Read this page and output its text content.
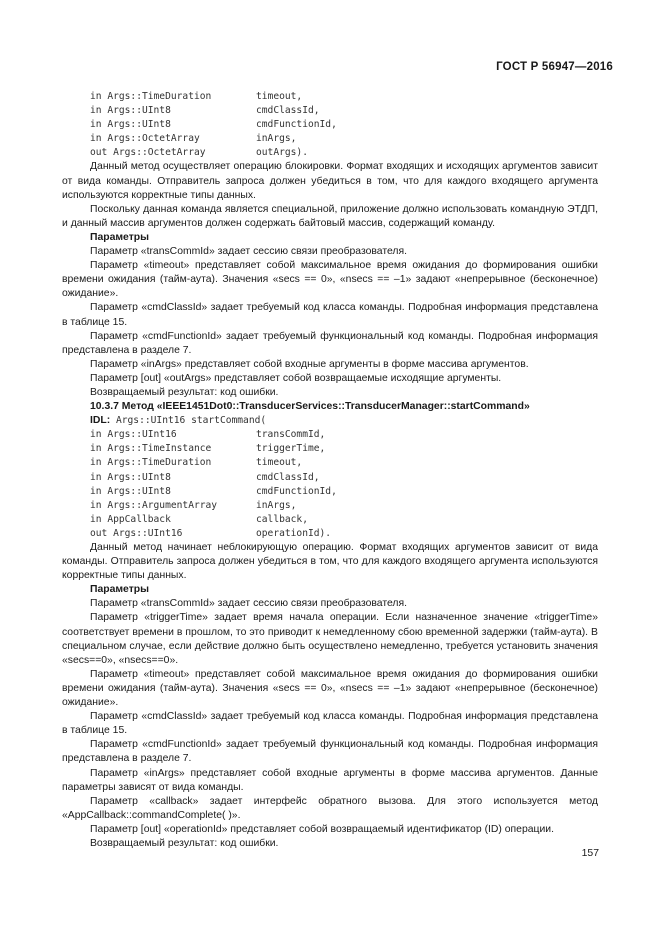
ГОСТ Р 56947—2016
in Args::TimeDuration	timeout,
in Args::UInt8	cmdClassId,
in Args::UInt8	cmdFunctionId,
in Args::OctetArray	inArgs,
out Args::OctetArray	outArgs).

Данный метод осуществляет операцию блокировки. Формат входящих и исходящих аргументов зависит от вида команды. Отправитель запроса должен убедиться в том, что для каждого входящего аргумента используются корректные типы данных.

Поскольку данная команда является специальной, приложение должно использовать командную ЭТДП, и данный массив аргументов должен содержать байтовый массив, содержащий команду.

Параметры

Параметр «transCommId» задает сессию связи преобразователя.

Параметр «timeout» представляет собой максимальное время ожидания до формирования ошибки времени ожидания (тайм-аута). Значения «secs == 0», «nsecs == –1» задают «непрерывное (бесконечное) ожидание».

Параметр «cmdClassId» задает требуемый код класса команды. Подробная информация представлена в таблице 15.

Параметр «cmdFunctionId» задает требуемый функциональный код команды. Подробная информация представлена в разделе 7.

Параметр «inArgs» представляет собой входные аргументы в форме массива аргументов.

Параметр [out] «outArgs» представляет собой возвращаемые исходящие аргументы.

Возвращаемый результат: код ошибки.

10.3.7 Метод «IEEE1451Dot0::TransducerServices::TransducerManager::startCommand»

IDL: Args::UInt16 startCommand(
in Args::UInt16	transCommId,
in Args::TimeInstance	triggerTime,
in Args::TimeDuration	timeout,
in Args::UInt8	cmdClassId,
in Args::UInt8	cmdFunctionId,
in Args::ArgumentArray	inArgs,
in AppCallback	callback,
out Args::UInt16	operationId).

Данный метод начинает неблокирующую операцию. Формат входящих аргументов зависит от вида команды. Отправитель запроса должен убедиться в том, что для каждого входящего аргумента используются корректные типы данных.

Параметры

Параметр «transCommId» задает сессию связи преобразователя.

Параметр «triggerTime» задает время начала операции. Если назначенное значение «triggerTime» соответствует времени в прошлом, то это приводит к немедленному сбою временной задержки (тайм-аута). В специальном случае, если действие должно быть осуществлено немедленно, требуется установить значения «secs==0», «nsecs==0».

Параметр «timeout» представляет собой максимальное время ожидания до формирования ошибки времени ожидания (тайм-аута). Значения «secs == 0», «nsecs == –1» задают «непрерывное (бесконечное) ожидание».

Параметр «cmdClassId» задает требуемый код класса команды. Подробная информация представлена в таблице 15.

Параметр «cmdFunctionId» задает требуемый функциональный код команды. Подробная информация представлена в разделе 7.

Параметр «inArgs» представляет собой входные аргументы в форме массива аргументов. Данные параметры зависят от вида команды.

Параметр «callback» задает интерфейс обратного вызова. Для этого используется метод «AppCallback::commandComplete( )».

Параметр [out] «operationId» представляет собой возвращаемый идентификатор (ID) операции.

Возвращаемый результат: код ошибки.

157
